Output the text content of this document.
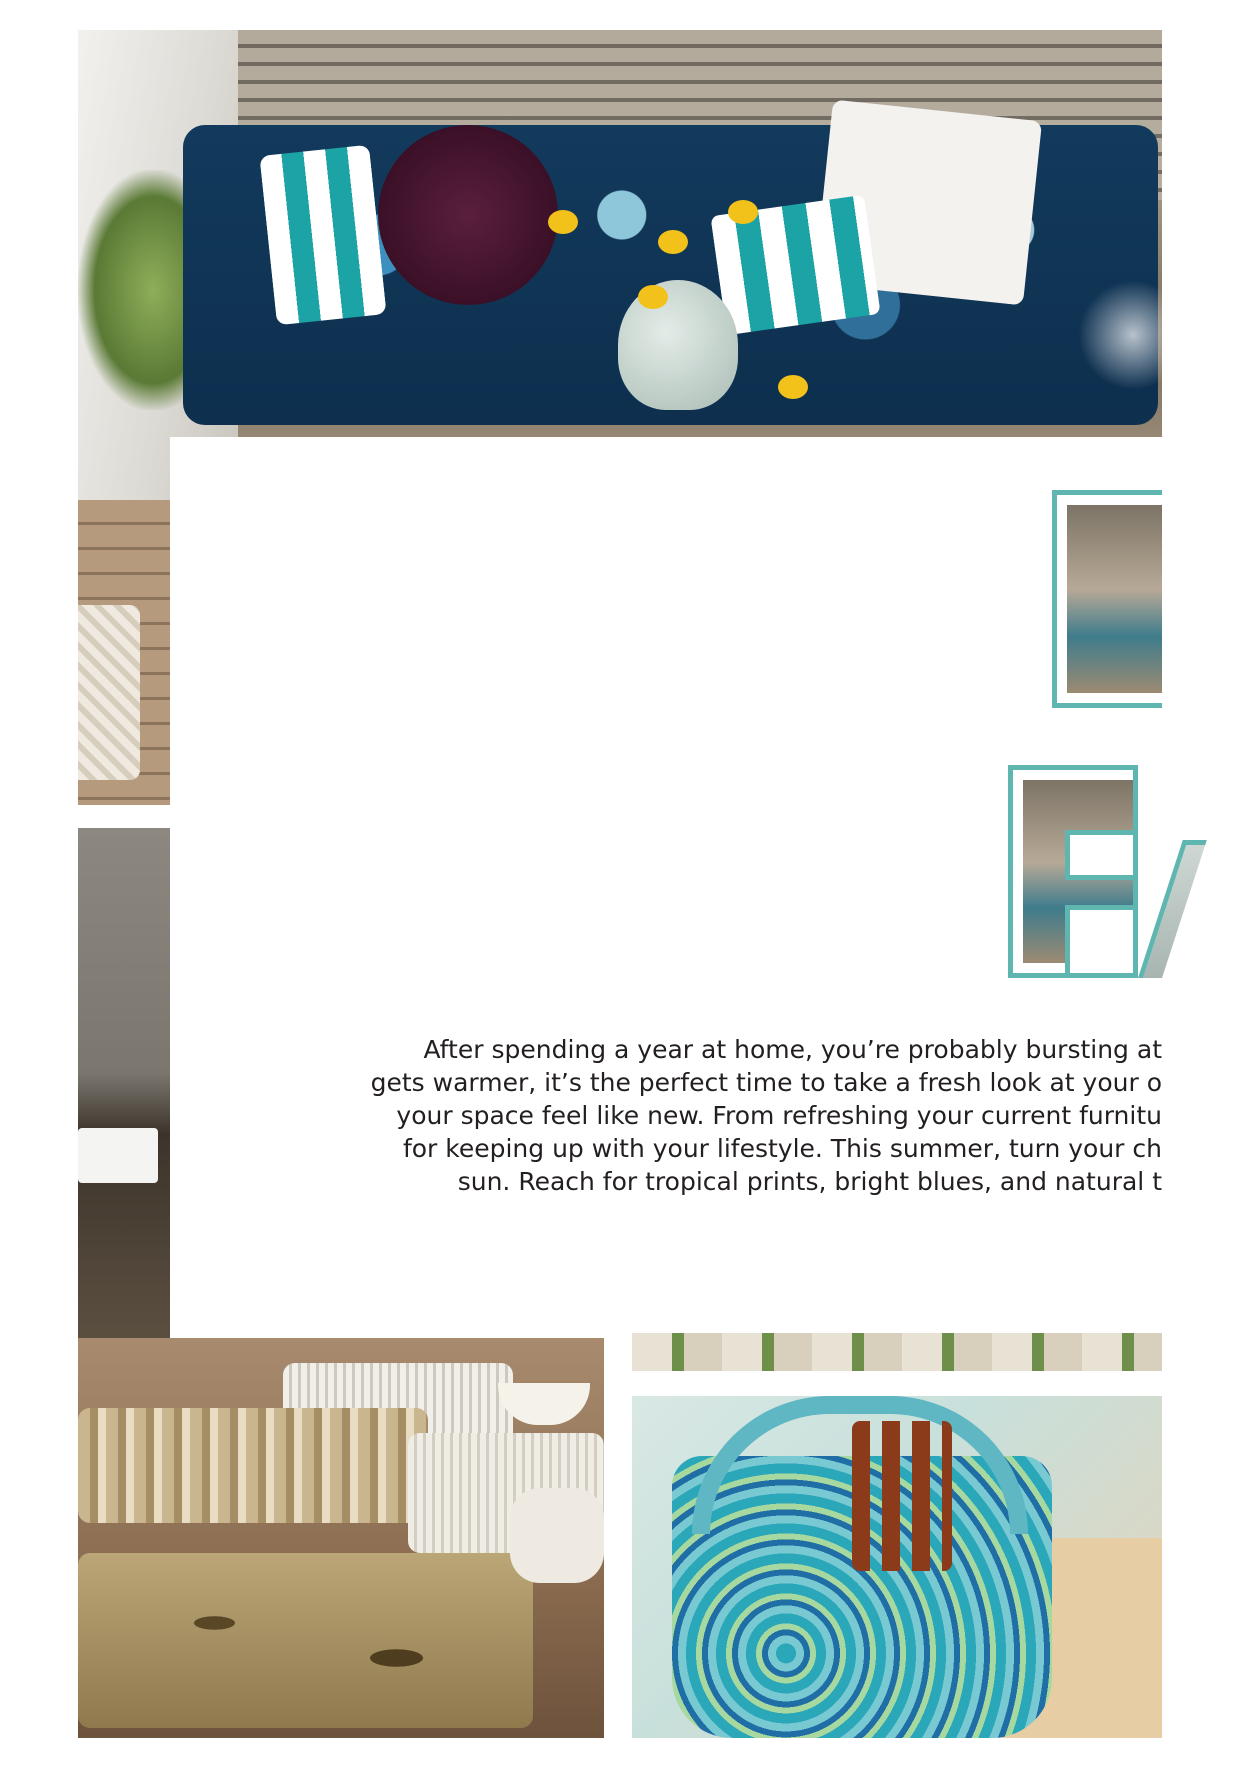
After spending a year at home, you’re probably bursting at
gets warmer, it’s the perfect time to take a fresh look at your o
your space feel like new. From refreshing your current furnitu
for keeping up with your lifestyle. This summer, turn your ch
sun. Reach for tropical prints, bright blues, and natural t
